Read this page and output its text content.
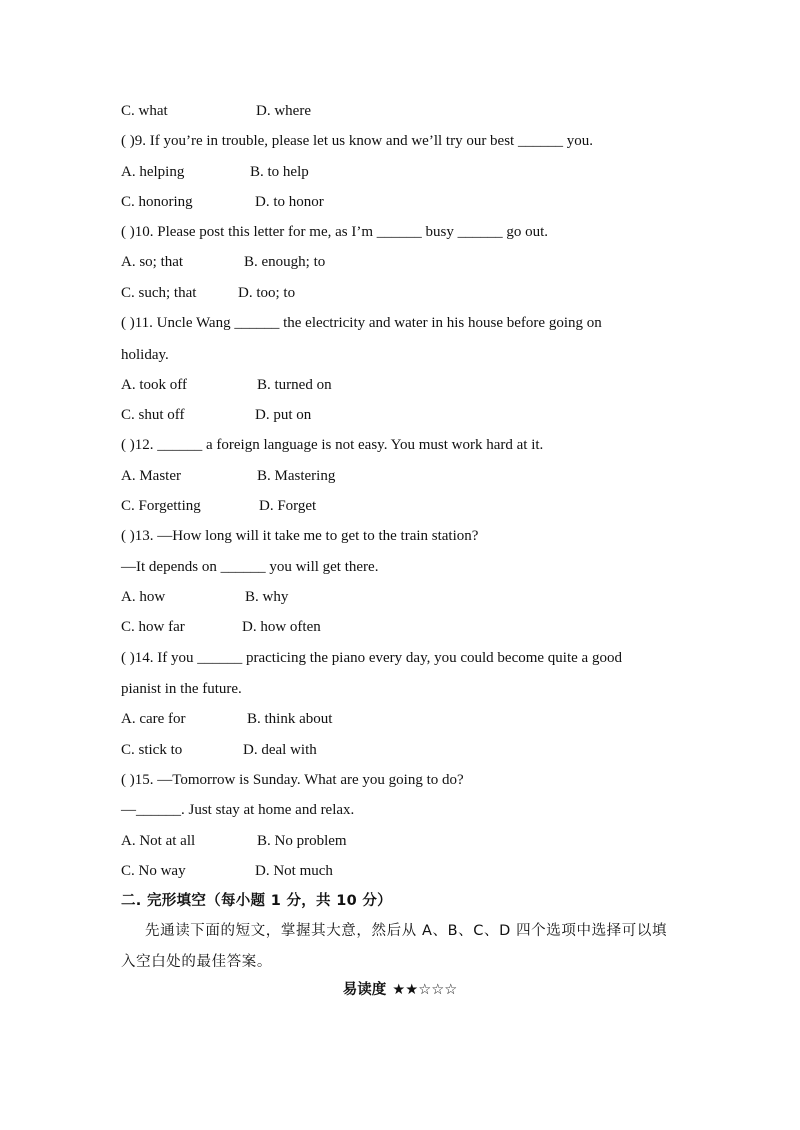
C. what	D. where
( )9. If you’re in trouble, please let us know and we’ll try our best ______ you.
A. helping	B. to help
C. honoring	D. to honor
( )10. Please post this letter for me, as I’m ______ busy ______ go out.
A. so; that	B. enough; to
C. such; that	D. too; to
( )11. Uncle Wang ______ the electricity and water in his house before going on
holiday.
A. took off	B. turned on
C. shut off	D. put on
( )12. ______ a foreign language is not easy. You must work hard at it.
A. Master	B. Mastering
C. Forgetting	D. Forget
( )13. —How long will it take me to get to the train station?
—It depends on ______ you will get there.
A. how	B. why
C. how far	D. how often
( )14. If you ______ practicing the piano every day, you could become quite a good
pianist in the future.
A. care for	B. think about
C. stick to	D. deal with
( )15. —Tomorrow is Sunday. What are you going to do?
—______. Just stay at home and relax.
A. Not at all	B. No problem
C. No way	D. Not much
二. 完形填空（每小题 1 分，共 10 分）
先通读下面的短文，掌握其大意，然后从 A、B、C、D 四个选项中选择可以填
入空白处的最佳答案。
易读度 ★★☆☆☆
